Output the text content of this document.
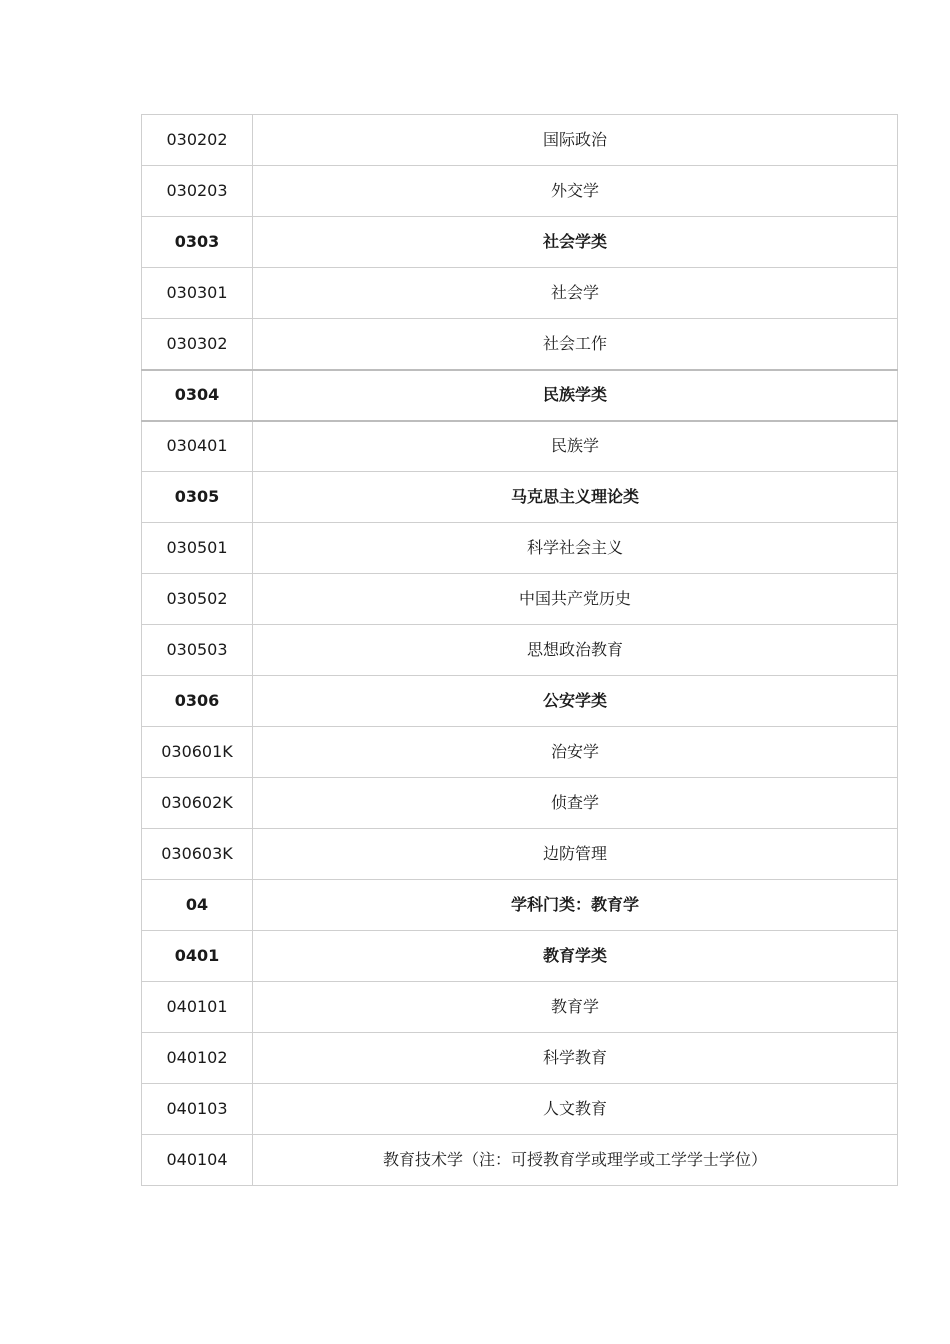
030202	国际政治
030203	外交学
0303	社会学类
030301	社会学
030302	社会工作
0304	民族学类
030401	民族学
0305	马克思主义理论类
030501	科学社会主义
030502	中国共产党历史
030503	思想政治教育
0306	公安学类
030601K	治安学
030602K	侦查学
030603K	边防管理
04	学科门类：教育学
0401	教育学类
040101	教育学
040102	科学教育
040103	人文教育
040104	教育技术学（注：可授教育学或理学或工学学士学位）
